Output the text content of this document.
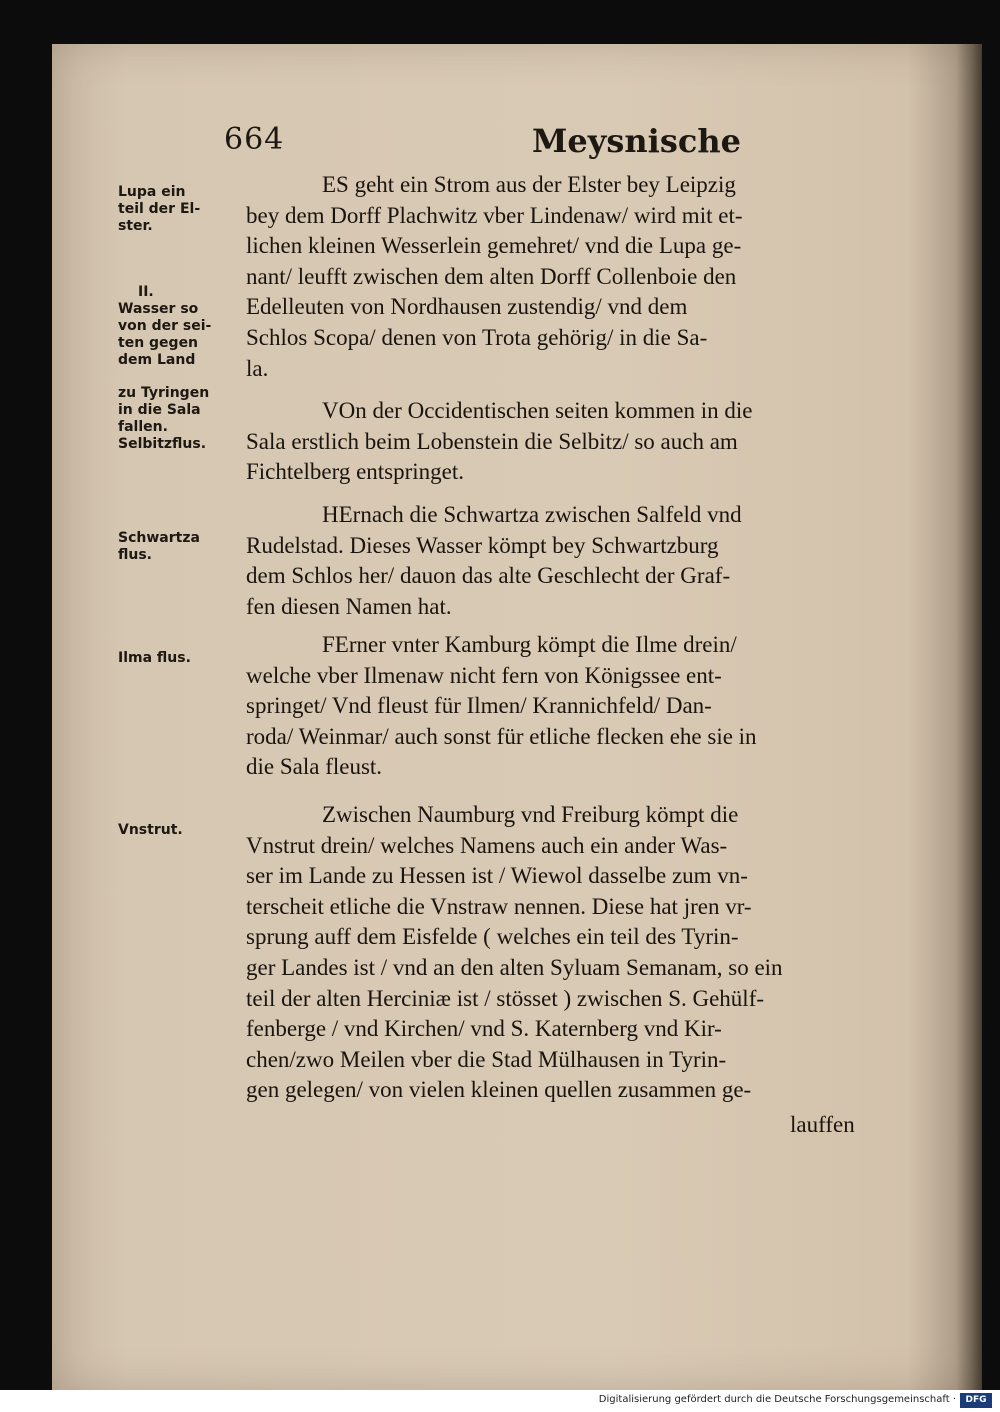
664	Meysnische
Lupa ein
teil der El-
ster.
II.
Wasser so
von der sei-
ten gegen
dem Land
zu Tyringen
in die Sala
fallen.
Selbitzflus.
Schwartza
flus.
Ilma flus.
Vnstrut.
ES geht ein Strom aus der Elster bey Leipzig
bey dem Dorff Plachwitz vber Lindenaw/ wird mit et-
lichen kleinen Wesserlein gemehret/ vnd die Lupa ge-
nant/ leufft zwischen dem alten Dorff Collenboie den
Edelleuten von Nordhausen zustendig/ vnd dem
Schlos Scopa/ denen von Trota gehörig/ in die Sa-
la.
VOn der Occidentischen seiten kommen in die
Sala erstlich beim Lobenstein die Selbitz/ so auch am
Fichtelberg entspringet.
HErnach die Schwartza zwischen Salfeld vnd
Rudelstad. Dieses Wasser kömpt bey Schwartzburg
dem Schlos her/ dauon das alte Geschlecht der Graf-
fen diesen Namen hat.
FErner vnter Kamburg kömpt die Ilme drein/
welche vber Ilmenaw nicht fern von Königssee ent-
springet/ Vnd fleust für Ilmen/ Krannichfeld/ Dan-
roda/ Weinmar/ auch sonst für etliche flecken ehe sie in
die Sala fleust.
Zwischen Naumburg vnd Freiburg kömpt die
Vnstrut drein/ welches Namens auch ein ander Was-
ser im Lande zu Hessen ist / Wiewol dasselbe zum vn-
terscheit etliche die Vnstraw nennen. Diese hat jren vr-
sprung auff dem Eisfelde ( welches ein teil des Tyrin-
ger Landes ist / vnd an den alten Syluam Semanam, so ein
teil der alten Herciniæ ist / stösset ) zwischen S. Gehülf-
fenberge / vnd Kirchen/ vnd S. Katernberg vnd Kir-
chen/zwo Meilen vber die Stad Mülhausen in Tyrin-
gen gelegen/ von vielen kleinen quellen zusammen ge-
lauffen
Digitalisierung gefördert durch die Deutsche Forschungsgemeinschaft ·	DFG
